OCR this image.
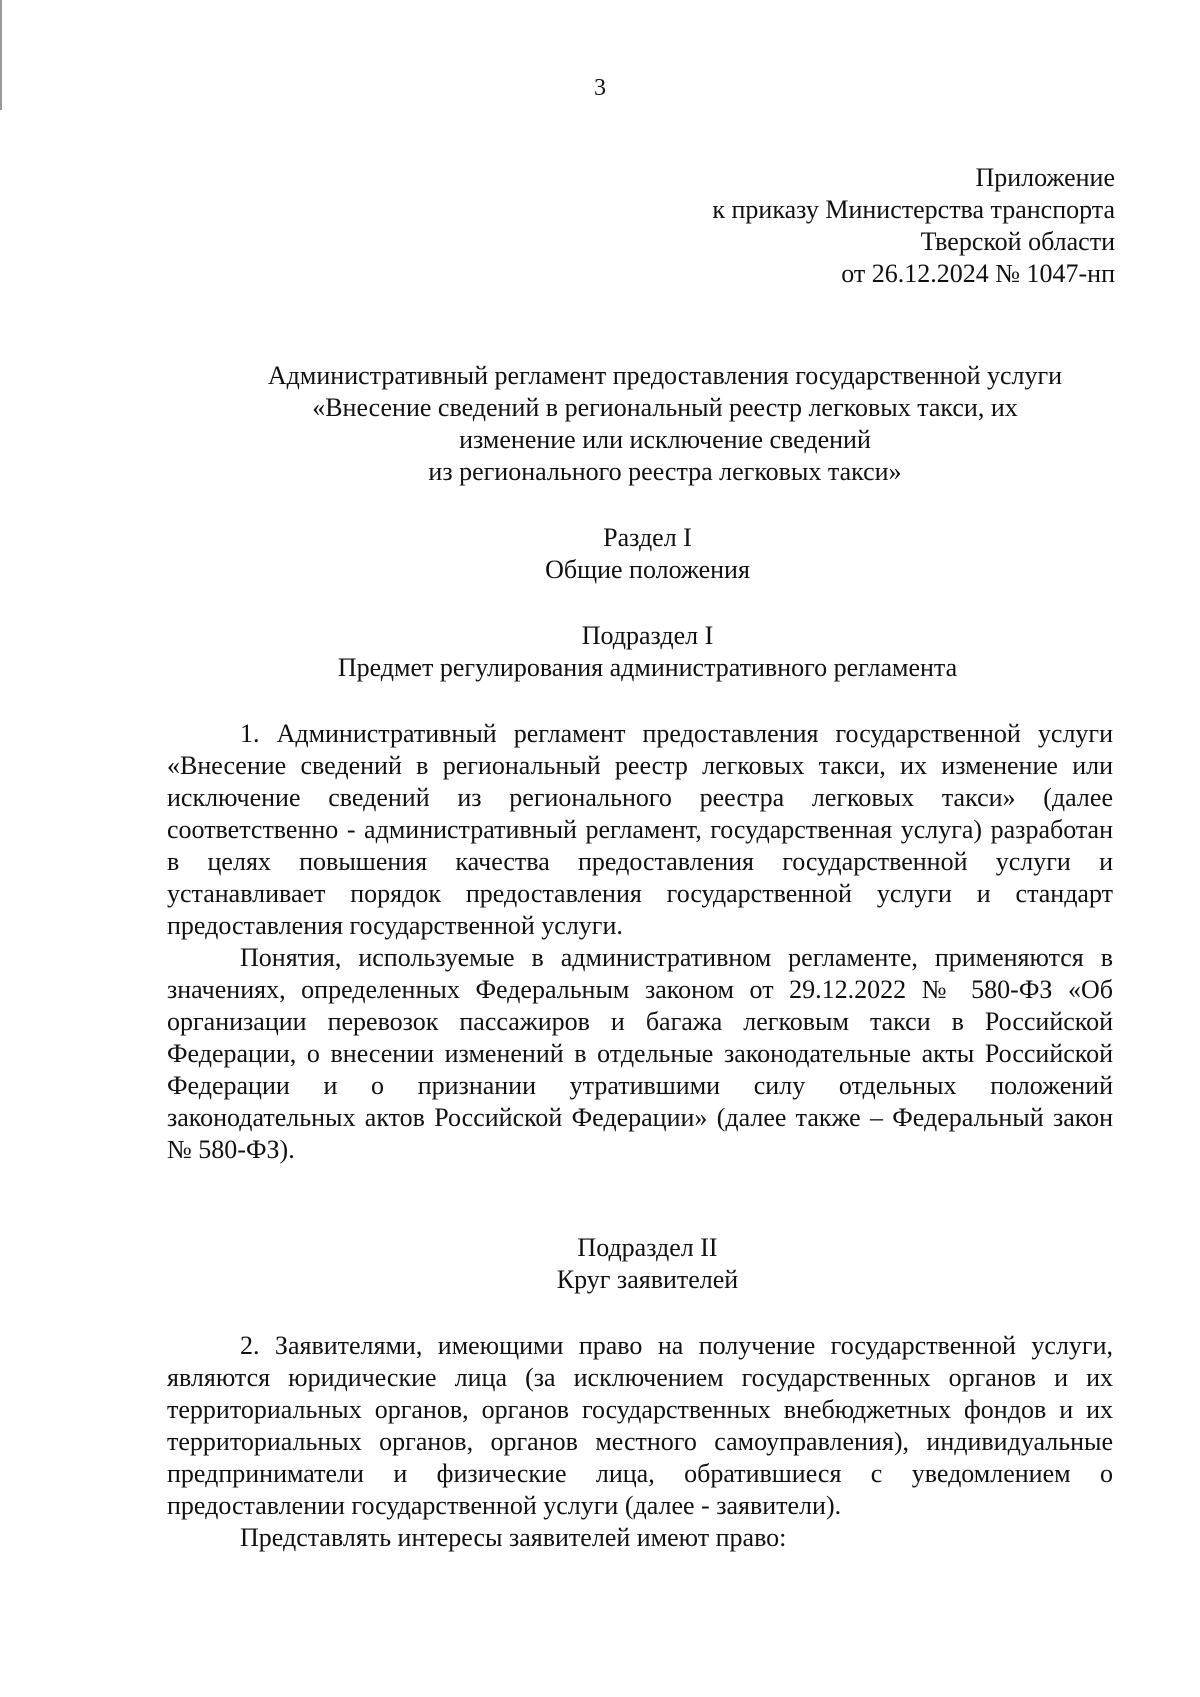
3
Приложение
к приказу Министерства транспорта
Тверской области
от 26.12.2024 № 1047-нп
Административный регламент предоставления государственной услуги
«Внесение сведений в региональный реестр легковых такси, их
изменение или исключение сведений
из регионального реестра легковых такси»
Раздел I
Общие положения
Подраздел I
Предмет регулирования административного регламента

1. Административный регламент предоставления государственной услуги «Внесение сведений в региональный реестр легковых такси, их изменение или исключение сведений из регионального реестра легковых такси» (далее соответственно - административный регламент, государственная услуга) разработан в целях повышения качества предоставления государственной услуги и устанавливает порядок предоставления государственной услуги и стандарт предоставления государственной услуги.

Понятия, используемые в административном регламенте, применяются в значениях, определенных Федеральным законом от 29.12.2022 № 580-ФЗ «Об организации перевозок пассажиров и багажа легковым такси в Российской Федерации, о внесении изменений в отдельные законодательные акты Российской Федерации и о признании утратившими силу отдельных положений законодательных актов Российской Федерации» (далее также – Федеральный закон № 580-ФЗ).

Подраздел II
Круг заявителей

2. Заявителями, имеющими право на получение государственной услуги, являются юридические лица (за исключением государственных органов и их территориальных органов, органов государственных внебюджетных фондов и их территориальных органов, органов местного самоуправления), индивидуальные предприниматели и физические лица, обратившиеся с уведомлением о предоставлении государственной услуги (далее - заявители).

Представлять интересы заявителей имеют право:
